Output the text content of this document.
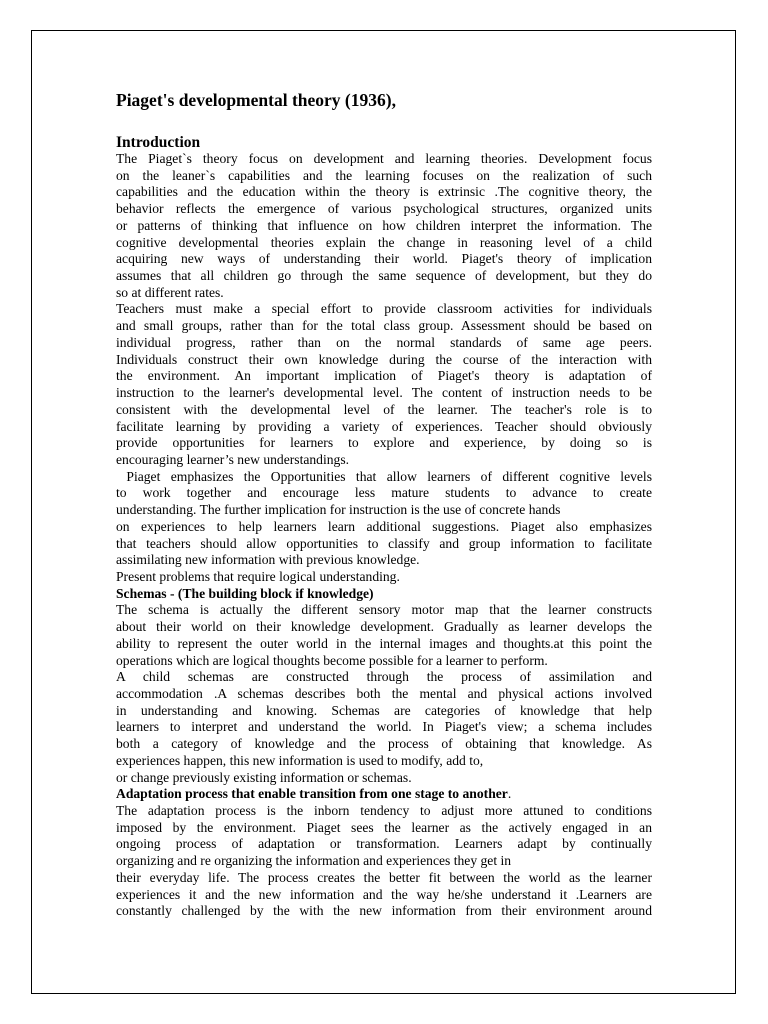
Piaget's developmental theory (1936),
Introduction
The Piaget`s theory focus on development and learning theories. Development focus
on the leaner`s capabilities and the learning focuses on the realization of such
capabilities and the education within the theory is extrinsic .The cognitive theory, the
behavior reflects the emergence of various psychological structures, organized units
or patterns of thinking that influence on how children interpret the information. The
cognitive developmental theories explain the change in reasoning level of a child
acquiring new ways of understanding their world. Piaget's theory of implication
assumes that all children go through the same sequence of development, but they do
so at different rates.
Teachers must make a special effort to provide classroom activities for individuals
and small groups, rather than for the total class group. Assessment should be based on
individual progress, rather than on the normal standards of same age peers.
Individuals construct their own knowledge during the course of the interaction with
the environment. An important implication of Piaget's theory is adaptation of
instruction to the learner's developmental level. The content of instruction needs to be
consistent with the developmental level of the learner. The teacher's role is to
facilitate learning by providing a variety of experiences. Teacher should obviously
provide opportunities for learners to explore and experience, by doing so is
encouraging learner’s new understandings.
Piaget emphasizes the Opportunities that allow learners of different cognitive levels
to work together and encourage less mature students to advance to create
understanding. The further implication for instruction is the use of concrete hands
on experiences to help learners learn additional suggestions. Piaget also emphasizes
that teachers should allow opportunities to classify and group information to facilitate
assimilating new information with previous knowledge.
Present problems that require logical understanding.
Schemas - (The building block if knowledge)
The schema is actually the different sensory motor map that the learner constructs
about their world on their knowledge development. Gradually as learner develops the
ability to represent the outer world in the internal images and thoughts.at this point the
operations which are logical thoughts become possible for a learner to perform.
A child schemas are constructed through the process of assimilation and
accommodation .A schemas describes both the mental and physical actions involved
in understanding and knowing. Schemas are categories of knowledge that help
learners to interpret and understand the world. In Piaget's view; a schema includes
both a category of knowledge and the process of obtaining that knowledge. As
experiences happen, this new information is used to modify, add to,
or change previously existing information or schemas.
Adaptation process that enable transition from one stage to another.
The adaptation process is the inborn tendency to adjust more attuned to conditions
imposed by the environment. Piaget sees the learner as the actively engaged in an
ongoing process of adaptation or transformation. Learners adapt by continually
organizing and re organizing the information and experiences they get in
their everyday life. The process creates the better fit between the world as the learner
experiences it and the new information and the way he/she understand it .Learners are
constantly challenged by the with the new information from their environment around
